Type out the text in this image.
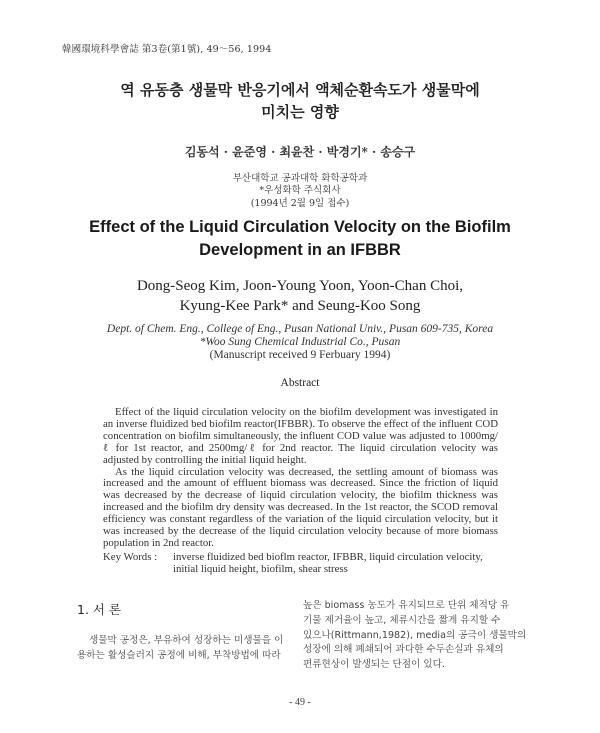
韓國環境科學會誌 第3卷(第1號), 49～56, 1994
역 유동층 생물막 반응기에서 액체순환속도가 생물막에
미치는 영향
김동석 · 윤준영 · 최윤찬 · 박경기* · 송승구
부산대학교 공과대학 화학공학과
*우성화학 주식회사
(1994년 2월 9일 접수)
Effect of the Liquid Circulation Velocity on the Biofilm
Development in an IFBBR
Dong-Seog Kim, Joon-Young Yoon, Yoon-Chan Choi,
Kyung-Kee Park* and Seung-Koo Song
Dept. of Chem. Eng., College of Eng., Pusan National Univ., Pusan 609-735, Korea
*Woo Sung Chemical Industrial Co., Pusan
(Manuscript received 9 Ferbuary 1994)
Abstract

Effect of the liquid circulation velocity on the biofilm development was investigated in an inverse fluidized bed biofilm reactor(IFBBR). To observe the effect of the influent COD concentration on biofilm simultaneously, the influent COD value was adjusted to 1000mg/ℓ for 1st reactor, and 2500mg/ℓ for 2nd reactor. The liquid circulation velocity was adjusted by controlling the initial liquid height.

As the liquid circulation velocity was decreased, the settling amount of biomass was increased and the amount of effluent biomass was decreased. Since the friction of liquid was decreased by the decrease of liquid circulation velocity, the biofilm thickness was increased and the biofilm dry density was decreased. In the 1st reactor, the SCOD removal efficiency was constant regardless of the variation of the liquid circulation velocity, but it was increased by the decrease of the liquid circulation velocity because of more biomass population in 2nd reactor.

Key Words : inverse fluidized bed bioflm reactor, IFBBR, liquid circulation velocity, initial liquid height, biofilm, shear stress
1. 서 론
생물막 공정은, 부유하여 성장하는 미생물을 이
용하는 활성슬러지 공정에 비해, 부착방법에 따라
높은 biomass 농도가 유지되므로 단위 체적당 유
기물 제거율이 높고, 체류시간을 짧게 유지할 수
있으나(Rittmann,1982), media의 공극이 생물막의
성장에 의해 폐쇄되어 과다한 수두손실과 유체의
편류현상이 발생되는 단점이 있다.
- 49 -
